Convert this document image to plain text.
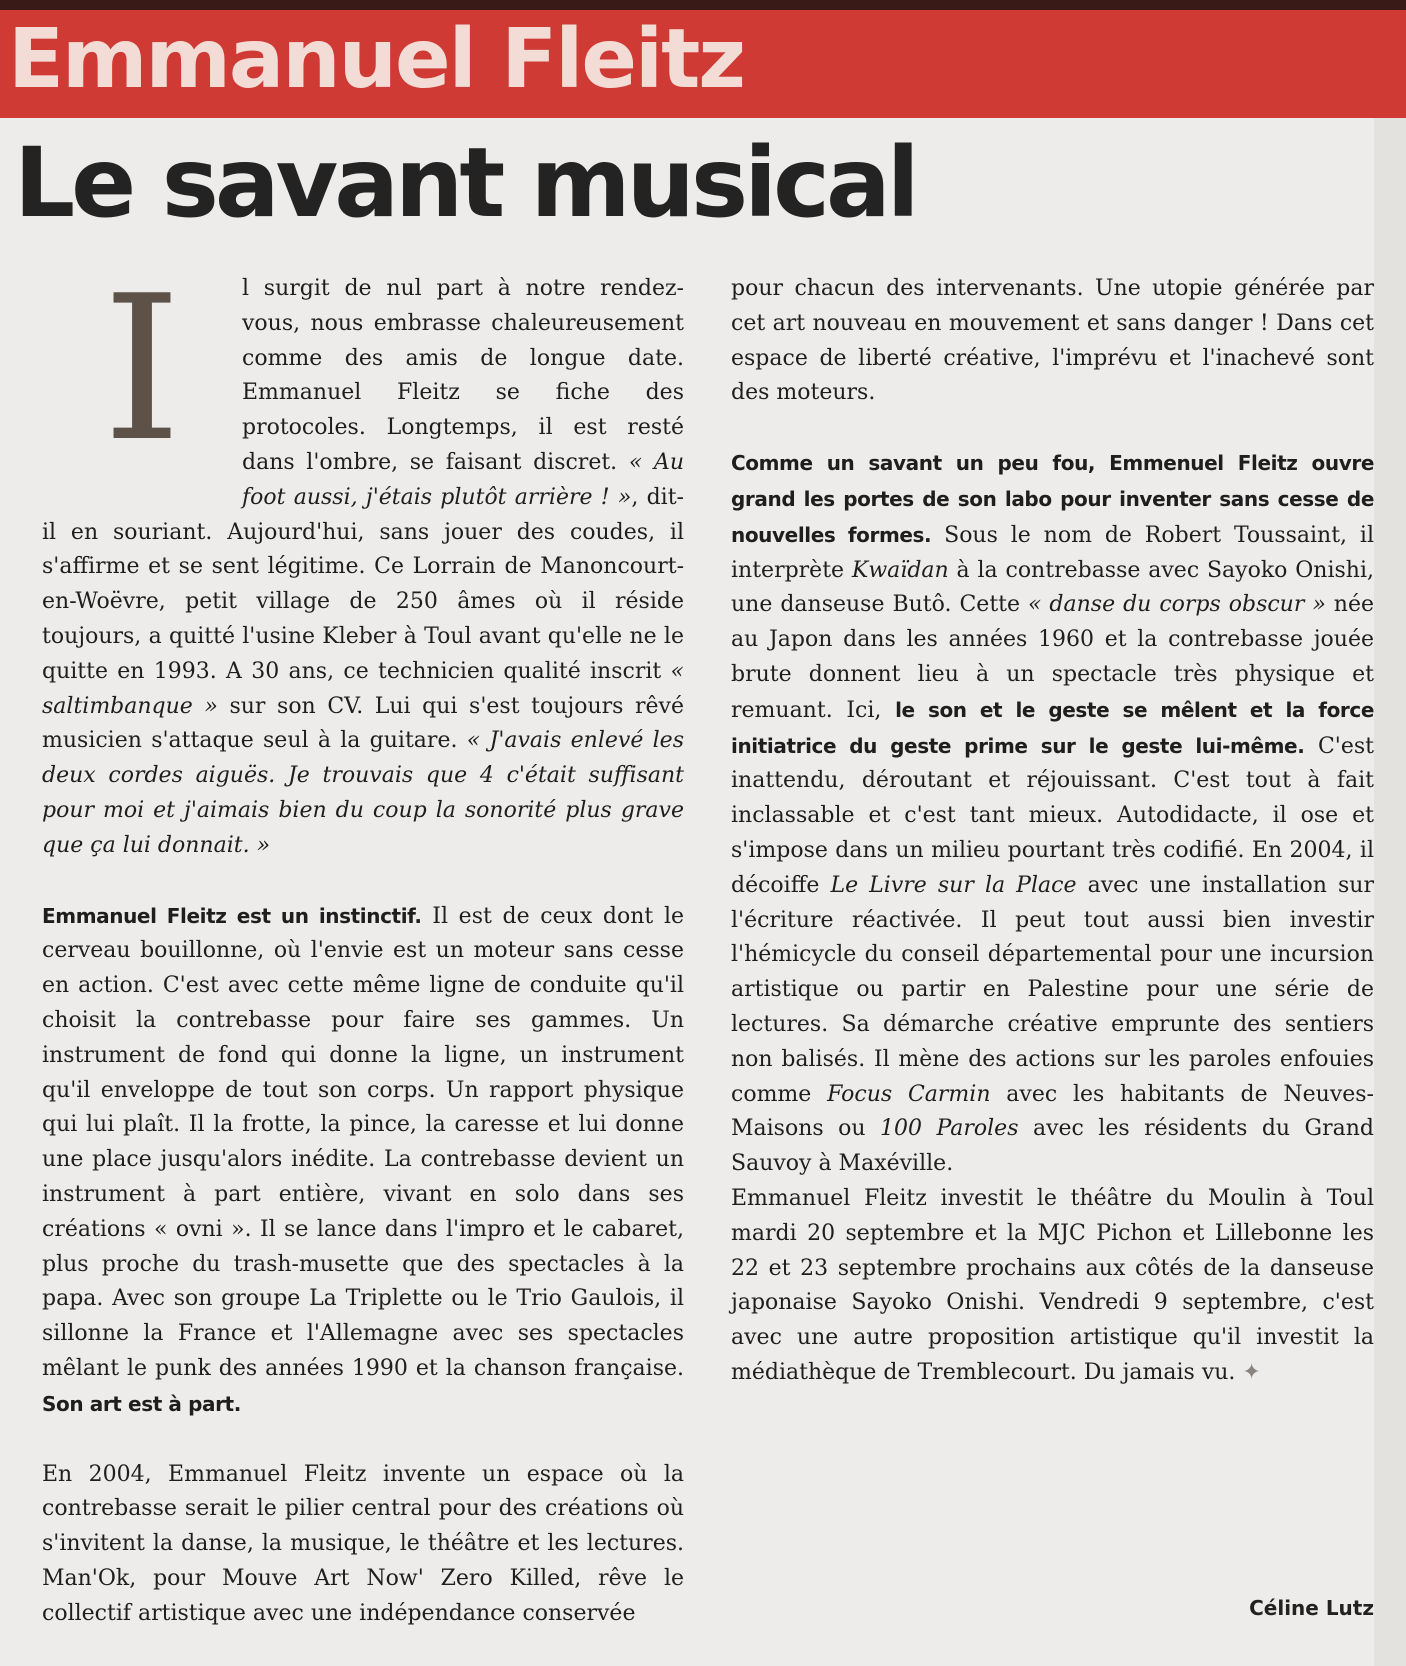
Emmanuel Fleitz
Le savant musical

I	l surgit de nul part à notre rendez-vous, nous embrasse chaleureusement comme des amis de longue date. Emmanuel Fleitz se fiche des protocoles. Longtemps, il est resté dans l'ombre, se faisant discret. « Au foot aussi, j'étais plutôt arrière ! », dit-il en souriant. Aujourd'hui, sans jouer des coudes, il s'affirme et se sent légitime. Ce Lorrain de Manoncourt-en-Woëvre, petit village de 250 âmes où il réside toujours, a quitté l'usine Kleber à Toul avant qu'elle ne le quitte en 1993. A 30 ans, ce technicien qualité inscrit « saltimbanque » sur son CV. Lui qui s'est toujours rêvé musicien s'attaque seul à la guitare. « J'avais enlevé les deux cordes aiguës. Je trouvais que 4 c'était suffisant pour moi et j'aimais bien du coup la sonorité plus grave que ça lui donnait. »

Emmanuel Fleitz est un instinctif. Il est de ceux dont le cerveau bouillonne, où l'envie est un moteur sans cesse en action. C'est avec cette même ligne de conduite qu'il choisit la contrebasse pour faire ses gammes. Un instrument de fond qui donne la ligne, un instrument qu'il enveloppe de tout son corps. Un rapport physique qui lui plaît. Il la frotte, la pince, la caresse et lui donne une place jusqu'alors inédite. La contrebasse devient un instrument à part entière, vivant en solo dans ses créations « ovni ». Il se lance dans l'impro et le cabaret, plus proche du trash-musette que des spectacles à la papa. Avec son groupe La Triplette ou le Trio Gaulois, il sillonne la France et l'Allemagne avec ses spectacles mêlant le punk des années 1990 et la chanson française. Son art est à part.

En 2004, Emmanuel Fleitz invente un espace où la contrebasse serait le pilier central pour des créations où s'invitent la danse, la musique, le théâtre et les lectures. Man'Ok, pour Mouve Art Now' Zero Killed, rêve le collectif artistique avec une indépendance conservée

pour chacun des intervenants. Une utopie générée par cet art nouveau en mouvement et sans danger ! Dans cet espace de liberté créative, l'imprévu et l'inachevé sont des moteurs.

Comme un savant un peu fou, Emmenuel Fleitz ouvre grand les portes de son labo pour inventer sans cesse de nouvelles formes. Sous le nom de Robert Toussaint, il interprète Kwaïdan à la contrebasse avec Sayoko Onishi, une danseuse Butô. Cette « danse du corps obscur » née au Japon dans les années 1960 et la contrebasse jouée brute donnent lieu à un spectacle très physique et remuant. Ici, le son et le geste se mêlent et la force initiatrice du geste prime sur le geste lui-même. C'est inattendu, déroutant et réjouissant. C'est tout à fait inclassable et c'est tant mieux. Autodidacte, il ose et s'impose dans un milieu pourtant très codifié. En 2004, il décoiffe Le Livre sur la Place avec une installation sur l'écriture réactivée. Il peut tout aussi bien investir l'hémicycle du conseil départemental pour une incursion artistique ou partir en Palestine pour une série de lectures. Sa démarche créative emprunte des sentiers non balisés. Il mène des actions sur les paroles enfouies comme Focus Carmin avec les habitants de Neuves-Maisons ou 100 Paroles avec les résidents du Grand Sauvoy à Maxéville.

Emmanuel Fleitz investit le théâtre du Moulin à Toul mardi 20 septembre et la MJC Pichon et Lillebonne les 22 et 23 septembre prochains aux côtés de la danseuse japonaise Sayoko Onishi. Vendredi 9 septembre, c'est avec une autre proposition artistique qu'il investit la médiathèque de Tremblecourt. Du jamais vu. ✦

Céline Lutz
